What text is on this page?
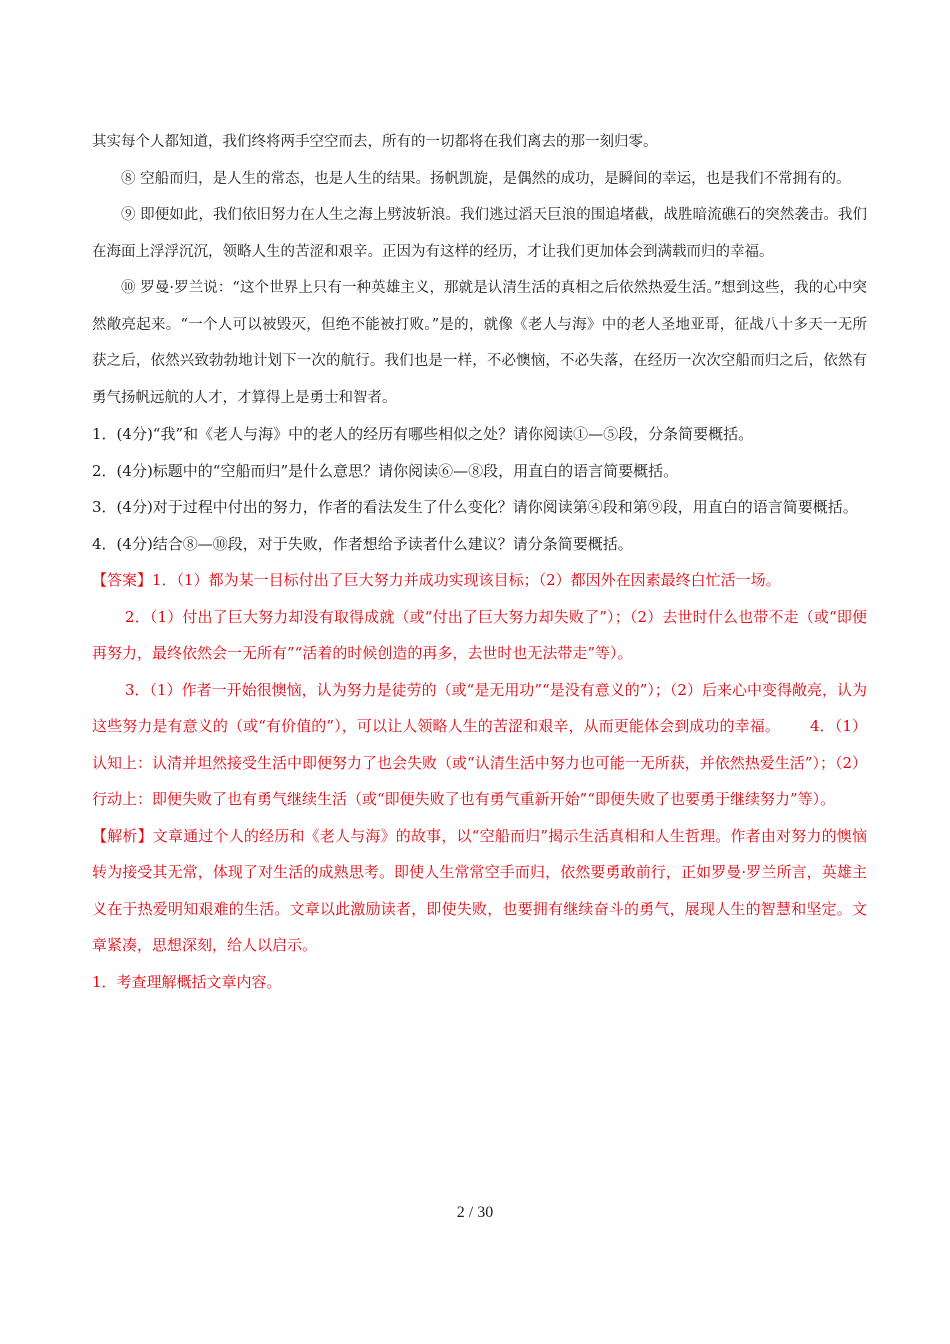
其实每个人都知道，我们终将两手空空而去，所有的一切都将在我们离去的那一刻归零。

⑧ 空船而归，是人生的常态，也是人生的结果。扬帆凯旋，是偶然的成功，是瞬间的幸运，也是我们不常拥有的。

⑨ 即便如此，我们依旧努力在人生之海上劈波斩浪。我们逃过滔天巨浪的围追堵截，战胜暗流礁石的突然袭击。我们在海面上浮浮沉沉，领略人生的苦涩和艰辛。正因为有这样的经历，才让我们更加体会到满载而归的幸福。

⑩ 罗曼·罗兰说：“这个世界上只有一种英雄主义，那就是认清生活的真相之后依然热爱生活。”想到这些，我的心中突然敞亮起来。“一个人可以被毁灭，但绝不能被打败。”是的，就像《老人与海》中的老人圣地亚哥，征战八十多天一无所获之后，依然兴致勃勃地计划下一次的航行。我们也是一样，不必懊恼，不必失落，在经历一次次空船而归之后，依然有勇气扬帆远航的人才，才算得上是勇士和智者。

1．(4分)“我”和《老人与海》中的老人的经历有哪些相似之处？请你阅读①—⑤段，分条简要概括。

2．(4分)标题中的“空船而归”是什么意思？请你阅读⑥—⑧段，用直白的语言简要概括。

3．(4分)对于过程中付出的努力，作者的看法发生了什么变化？请你阅读第④段和第⑨段，用直白的语言简要概括。

4．(4分)结合⑧—⑩段，对于失败，作者想给予读者什么建议？请分条简要概括。

【答案】1．（1）都为某一目标付出了巨大努力并成功实现该目标；（2）都因外在因素最终白忙活一场。

2．（1）付出了巨大努力却没有取得成就（或“付出了巨大努力却失败了”）；（2）去世时什么也带不走（或“即便再努力，最终依然会一无所有”“活着的时候创造的再多，去世时也无法带走”等）。

3．（1）作者一开始很懊恼，认为努力是徒劳的（或“是无用功”“是没有意义的”）；（2）后来心中变得敞亮，认为这些努力是有意义的（或“有价值的”），可以让人领略人生的苦涩和艰辛，从而更能体会到成功的幸福。 4．（1）认知上：认清并坦然接受生活中即便努力了也会失败（或“认清生活中努力也可能一无所获，并依然热爱生活”）；（2）行动上：即便失败了也有勇气继续生活（或“即便失败了也有勇气重新开始”“即便失败了也要勇于继续努力”等）。

【解析】文章通过个人的经历和《老人与海》的故事，以“空船而归”揭示生活真相和人生哲理。作者由对努力的懊恼转为接受其无常，体现了对生活的成熟思考。即使人生常常空手而归，依然要勇敢前行，正如罗曼·罗兰所言，英雄主义在于热爱明知艰难的生活。文章以此激励读者，即使失败，也要拥有继续奋斗的勇气，展现人生的智慧和坚定。文章紧凑，思想深刻，给人以启示。

1．考查理解概括文章内容。

2 / 30
